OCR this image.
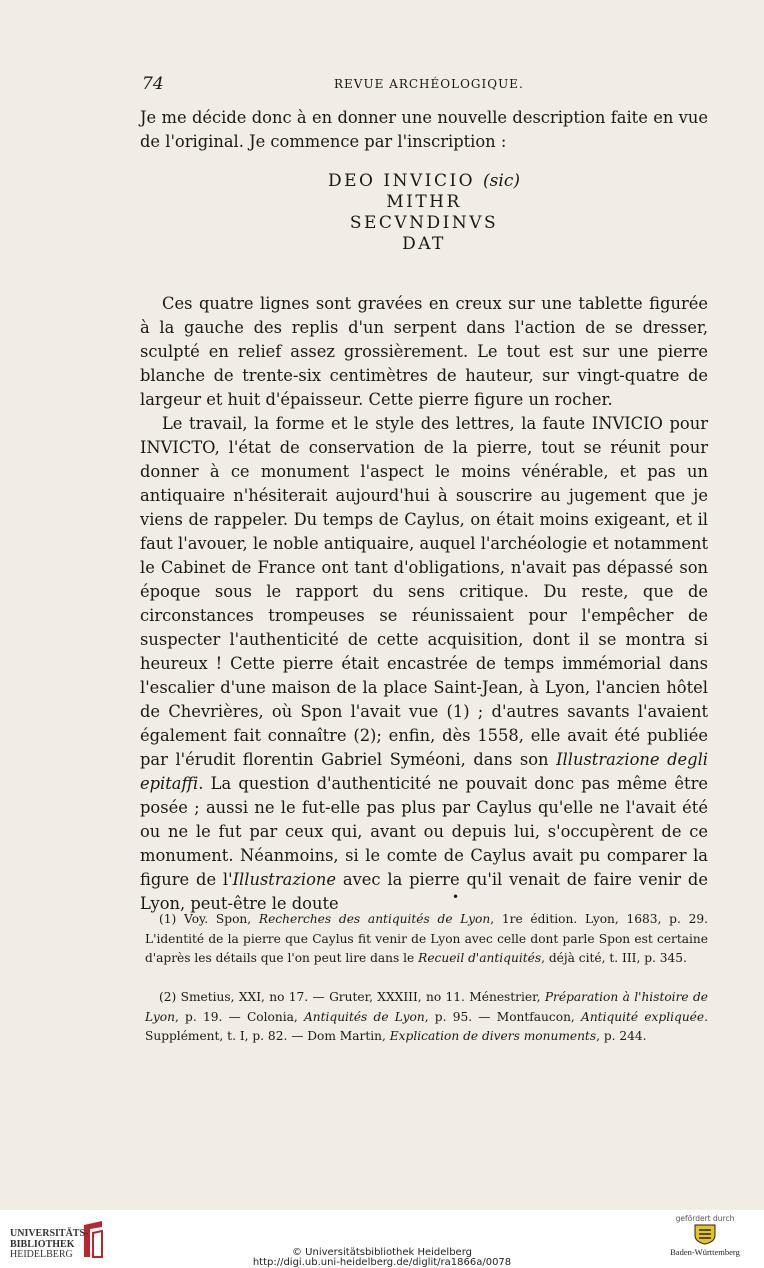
74	REVUE ARCHÉOLOGIQUE.

Je me décide donc à en donner une nouvelle description faite en vue de l'original. Je commence par l'inscription :

DEO INVICIO (sic)
MITHR
SECVNDINVS
DAT

Ces quatre lignes sont gravées en creux sur une tablette figurée à la gauche des replis d'un serpent dans l'action de se dresser, sculpté en relief assez grossièrement. Le tout est sur une pierre blanche de trente-six centimètres de hauteur, sur vingt-quatre de largeur et huit d'épaisseur. Cette pierre figure un rocher.

Le travail, la forme et le style des lettres, la faute INVICIO pour INVICTO, l'état de conservation de la pierre, tout se réunit pour donner à ce monument l'aspect le moins vénérable, et pas un antiquaire n'hésiterait aujourd'hui à souscrire au jugement que je viens de rappeler. Du temps de Caylus, on était moins exigeant, et il faut l'avouer, le noble antiquaire, auquel l'archéologie et notamment le Cabinet de France ont tant d'obligations, n'avait pas dépassé son époque sous le rapport du sens critique. Du reste, que de circonstances trompeuses se réunissaient pour l'empêcher de suspecter l'authenticité de cette acquisition, dont il se montra si heureux ! Cette pierre était encastrée de temps immémorial dans l'escalier d'une maison de la place Saint-Jean, à Lyon, l'ancien hôtel de Chevrières, où Spon l'avait vue (1) ; d'autres savants l'avaient également fait connaître (2); enfin, dès 1558, elle avait été publiée par l'érudit florentin Gabriel Syméoni, dans son Illustrazione degli epitaffi. La question d'authenticité ne pouvait donc pas même être posée ; aussi ne le fut-elle pas plus par Caylus qu'elle ne l'avait été ou ne le fut par ceux qui, avant ou depuis lui, s'occupèrent de ce monument. Néanmoins, si le comte de Caylus avait pu comparer la figure de l'Illustrazione avec la pierre qu'il venait de faire venir de Lyon, peut-être le doute	•

(1) Voy. Spon, Recherches des antiquités de Lyon, 1re édition. Lyon, 1683, p. 29. L'identité de la pierre que Caylus fit venir de Lyon avec celle dont parle Spon est certaine d'après les détails que l'on peut lire dans le Recueil d'antiquités, déjà cité, t. III, p. 345.

(2) Smetius, XXI, no 17. — Gruter, XXXIII, no 11. Ménestrier, Préparation à l'histoire de Lyon, p. 19. — Colonia, Antiquités de Lyon, p. 95. — Montfaucon, Antiquité expliquée. Supplément, t. I, p. 82. — Dom Martin, Explication de divers monuments, p. 244.

© Universitätsbibliothek Heidelberg
http://digi.ub.uni-heidelberg.de/diglit/ra1866a/0078
gefördert durch
Baden-Württemberg
UNIVERSITÄTS-
BIBLIOTHEK
HEIDELBERG
